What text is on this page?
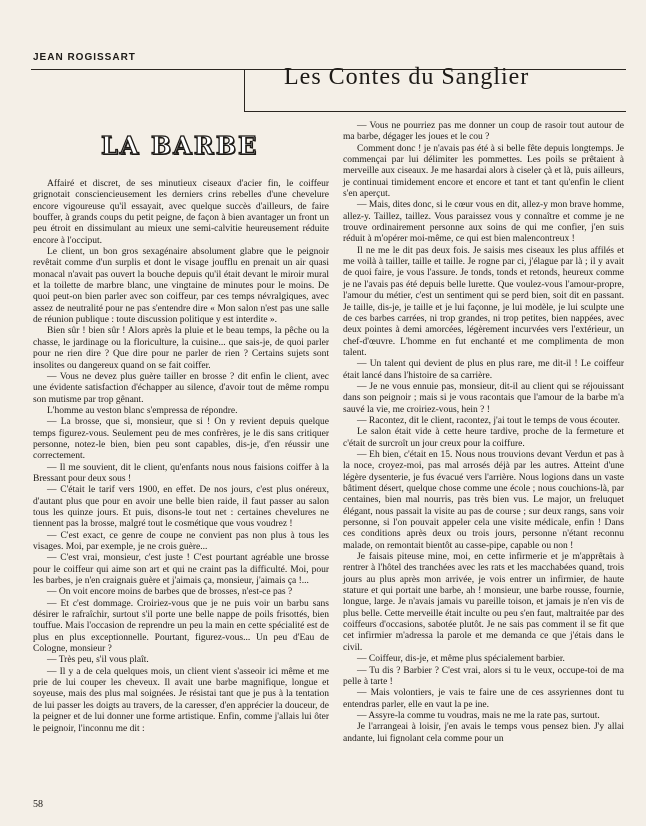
JEAN ROGISSART
Les Contes du Sanglier
LA BARBE

Affairé et discret, de ses minutieux ciseaux d'acier fin, le coiffeur grignotait consciencieusement les derniers crins rebelles d'une chevelure encore vigoureuse qu'il essayait, avec quelque succès d'ailleurs, de faire bouffer, à grands coups du petit peigne, de façon à bien avantager un front un peu étroit en dissimulant au mieux une semi-calvitie heureusement réduite encore à l'occiput.

Le client, un bon gros sexagénaire absolument glabre que le peignoir revêtait comme d'un surplis et dont le visage joufflu en prenait un air quasi monacal n'avait pas ouvert la bouche depuis qu'il était devant le miroir mural et la toilette de marbre blanc, une vingtaine de minutes pour le moins. De quoi peut-on bien parler avec son coiffeur, par ces temps névralgiques, avec assez de neutralité pour ne pas s'entendre dire « Mon salon n'est pas une salle de réunion publique : toute discussion politique y est interdite ».

Bien sûr ! bien sûr ! Alors après la pluie et le beau temps, la pêche ou la chasse, le jardinage ou la floriculture, la cuisine... que sais-je, de quoi parler pour ne rien dire ? Que dire pour ne parler de rien ? Certains sujets sont insolites ou dangereux quand on se fait coiffer.

— Vous ne devez plus guère tailler en brosse ? dit enfin le client, avec une évidente satisfaction d'échapper au silence, d'avoir tout de même rompu son mutisme par trop gênant.

L'homme au veston blanc s'empressa de répondre.

— La brosse, que si, monsieur, que si ! On y revient depuis quelque temps figurez-vous. Seulement peu de mes confrères, je le dis sans critiquer personne, notez-le bien, bien peu sont capables, dis-je, d'en réussir une correctement.

— Il me souvient, dit le client, qu'enfants nous nous faisions coiffer à la Bressant pour deux sous !

— C'était le tarif vers 1900, en effet. De nos jours, c'est plus onéreux, d'autant plus que pour en avoir une belle bien raide, il faut passer au salon tous les quinze jours. Et puis, disons-le tout net : certaines chevelures ne tiennent pas la brosse, malgré tout le cosmétique que vous voudrez !

— C'est exact, ce genre de coupe ne convient pas non plus à tous les visages. Moi, par exemple, je ne crois guère...

— C'est vrai, monsieur, c'est juste ! C'est pourtant agréable une brosse pour le coiffeur qui aime son art et qui ne craint pas la difficulté. Moi, pour les barbes, je n'en craignais guère et j'aimais ça, monsieur, j'aimais ça !...

— On voit encore moins de barbes que de brosses, n'est-ce pas ?

— Et c'est dommage. Croiriez-vous que je ne puis voir un barbu sans désirer le rafraîchir, surtout s'il porte une belle nappe de poils frisottés, bien touffue. Mais l'occasion de reprendre un peu la main en cette spécialité est de plus en plus exceptionnelle. Pourtant, figurez-vous... Un peu d'Eau de Cologne, monsieur ?

— Très peu, s'il vous plaît.

— Il y a de cela quelques mois, un client vient s'asseoir ici même et me prie de lui couper les cheveux. Il avait une barbe magnifique, longue et soyeuse, mais des plus mal soignées. Je résistai tant que je pus à la tentation de lui passer les doigts au travers, de la caresser, d'en apprécier la douceur, de la peigner et de lui donner une forme artistique. Enfin, comme j'allais lui ôter le peignoir, l'inconnu me dit :

— Vous ne pourriez pas me donner un coup de rasoir tout autour de ma barbe, dégager les joues et le cou ?

Comment donc ! je n'avais pas été à si belle fête depuis longtemps. Je commençai par lui délimiter les pommettes. Les poils se prêtaient à merveille aux ciseaux. Je me hasardai alors à ciseler çà et là, puis ailleurs, je continuai timidement encore et encore et tant et tant qu'enfin le client s'en aperçut.

— Mais, dites donc, si le cœur vous en dit, allez-y mon brave homme, allez-y. Taillez, taillez. Vous paraissez vous y connaître et comme je ne trouve ordinairement personne aux soins de qui me confier, j'en suis réduit à m'opérer moi-même, ce qui est bien malencontreux !

Il ne me le dit pas deux fois. Je saisis mes ciseaux les plus affilés et me voilà à tailler, taille et taille. Je rogne par ci, j'élague par là ; il y avait de quoi faire, je vous l'assure. Je tonds, tonds et retonds, heureux comme je ne l'avais pas été depuis belle lurette. Que voulez-vous l'amour-propre, l'amour du métier, c'est un sentiment qui se perd bien, soit dit en passant. Je taille, dis-je, je taille et je lui façonne, je lui modèle, je lui sculpte une de ces barbes carrées, ni trop grandes, ni trop petites, bien nappées, avec deux pointes à demi amorcées, légèrement incurvées vers l'extérieur, un chef-d'œuvre. L'homme en fut enchanté et me complimenta de mon talent.

— Un talent qui devient de plus en plus rare, me dit-il ! Le coiffeur était lancé dans l'histoire de sa carrière.

— Je ne vous ennuie pas, monsieur, dit-il au client qui se réjouissant dans son peignoir ; mais si je vous racontais que l'amour de la barbe m'a sauvé la vie, me croiriez-vous, hein ? !

— Racontez, dit le client, racontez, j'ai tout le temps de vous écouter.

Le salon était vide à cette heure tardive, proche de la fermeture et c'était de surcroît un jour creux pour la coiffure.

— Eh bien, c'était en 15. Nous nous trouvions devant Verdun et pas à la noce, croyez-moi, pas mal arrosés déjà par les autres. Atteint d'une légère dysenterie, je fus évacué vers l'arrière. Nous logions dans un vaste bâtiment désert, quelque chose comme une école ; nous couchions-là, par centaines, bien mal nourris, pas très bien vus. Le major, un freluquet élégant, nous passait la visite au pas de course ; sur deux rangs, sans voir personne, si l'on pouvait appeler cela une visite médicale, enfin ! Dans ces conditions après deux ou trois jours, personne n'étant reconnu malade, on remontait bientôt au casse-pipe, capable ou non !

Je faisais piteuse mine, moi, en cette infirmerie et je m'apprêtais à rentrer à l'hôtel des tranchées avec les rats et les macchabées quand, trois jours au plus après mon arrivée, je vois entrer un infirmier, de haute stature et qui portait une barbe, ah ! monsieur, une barbe rousse, fournie, longue, large. Je n'avais jamais vu pareille toison, et jamais je n'en vis de plus belle. Cette merveille était inculte ou peu s'en faut, maltraitée par des coiffeurs d'occasions, sabotée plutôt. Je ne sais pas comment il se fit que cet infirmier m'adressa la parole et me demanda ce que j'étais dans le civil.

— Coiffeur, dis-je, et même plus spécialement barbier.

— Tu dis ? Barbier ? C'est vrai, alors si tu le veux, occupe-toi de ma pelle à tarte !

— Mais volontiers, je vais te faire une de ces assyriennes dont tu entendras parler, elle en vaut la pe ine.

— Assyre-la comme tu voudras, mais ne me la rate pas, surtout.

Je l'arrangeai à loisir, j'en avais le temps vous pensez bien. J'y allai andante, lui fignolant cela comme pour un

58
